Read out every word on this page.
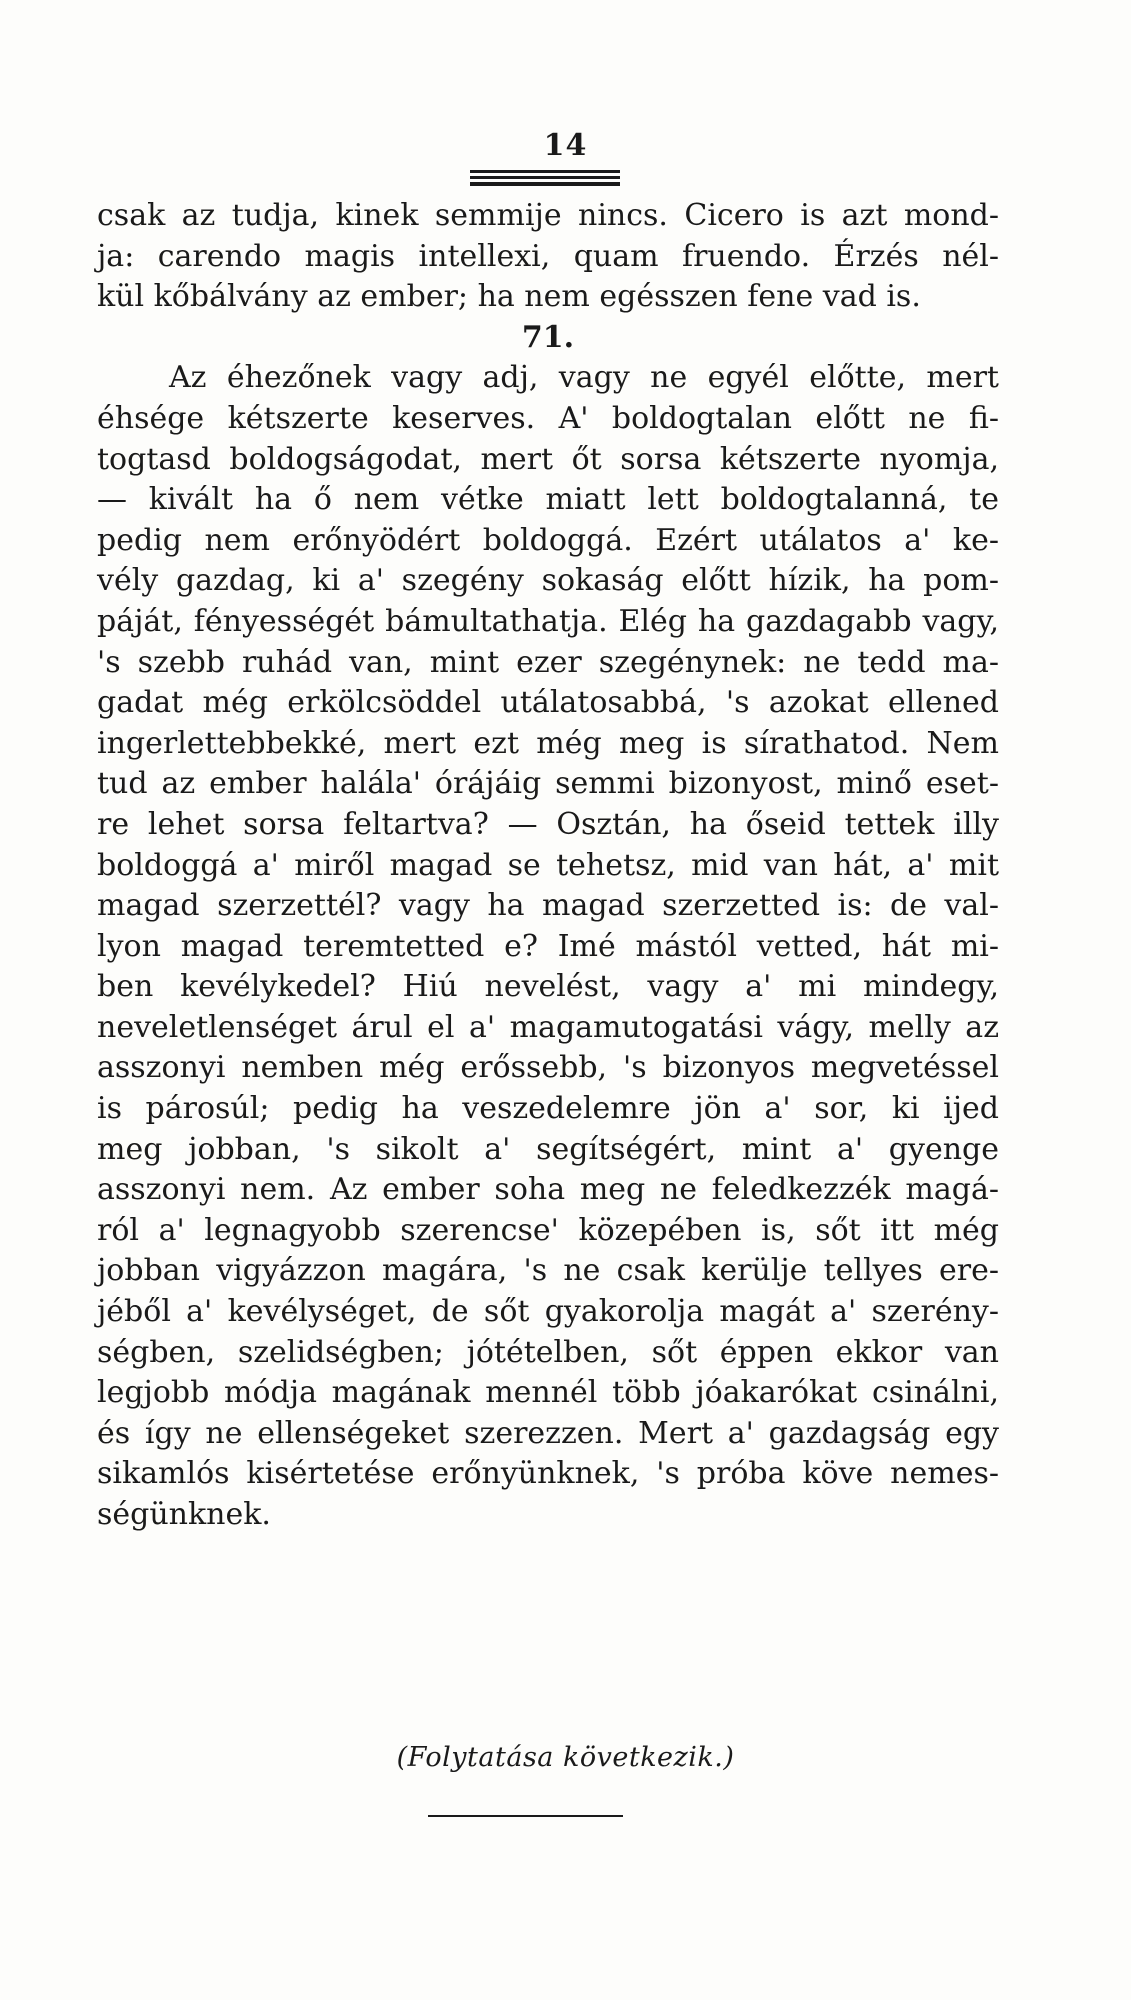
14
csak az tudja, kinek semmije nincs. Cicero is azt mond-
ja: carendo magis intellexi, quam fruendo. Érzés nél-
kül kőbálvány az ember; ha nem egésszen fene vad is.
71.
Az éhezőnek vagy adj, vagy ne egyél előtte, mert
éhsége kétszerte keserves. A' boldogtalan előtt ne fi-
togtasd boldogságodat, mert őt sorsa kétszerte nyomja,
— kivált ha ő nem vétke miatt lett boldogtalanná, te
pedig nem erőnyödért boldoggá. Ezért utálatos a' ke-
vély gazdag, ki a' szegény sokaság előtt hízik, ha pom-
páját, fényességét bámultathatja. Elég ha gazdagabb vagy,
's szebb ruhád van, mint ezer szegénynek: ne tedd ma-
gadat még erkölcsöddel utálatosabbá, 's azokat ellened
ingerlettebbekké, mert ezt még meg is sírathatod. Nem
tud az ember halála' órájáig semmi bizonyost, minő eset-
re lehet sorsa feltartva? — Osztán, ha őseid tettek illy
boldoggá a' miről magad se tehetsz, mid van hát, a' mit
magad szerzettél? vagy ha magad szerzetted is: de val-
lyon magad teremtetted e? Imé mástól vetted, hát mi-
ben kevélykedel? Hiú nevelést, vagy a' mi mindegy,
neveletlenséget árul el a' magamutogatási vágy, melly az
asszonyi nemben még erőssebb, 's bizonyos megvetéssel
is párosúl; pedig ha veszedelemre jön a' sor, ki ijed
meg jobban, 's sikolt a' segítségért, mint a' gyenge
asszonyi nem. Az ember soha meg ne feledkezzék magá-
ról a' legnagyobb szerencse' közepében is, sőt itt még
jobban vigyázzon magára, 's ne csak kerülje tellyes ere-
jéből a' kevélységet, de sőt gyakorolja magát a' szerény-
ségben, szelidségben; jótételben, sőt éppen ekkor van
legjobb módja magának mennél több jóakarókat csinálni,
és így ne ellenségeket szerezzen. Mert a' gazdagság egy
sikamlós kisértetése erőnyünknek, 's próba köve nemes-
ségünknek.
(Folytatása következik.)
